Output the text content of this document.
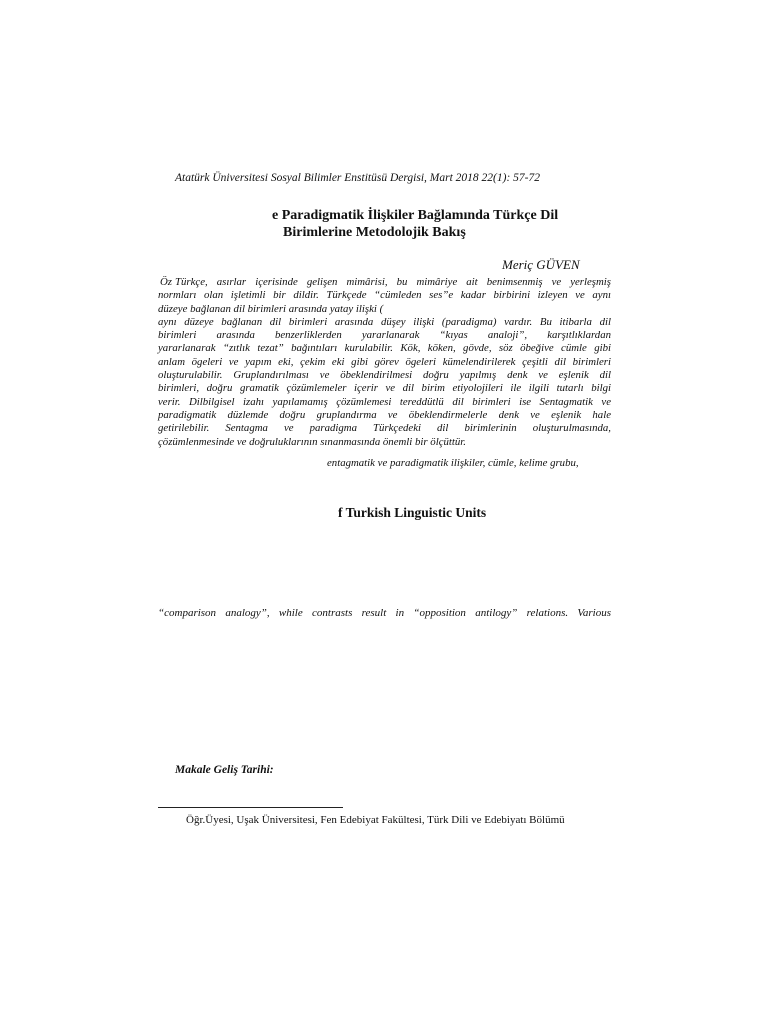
Atatürk Üniversitesi Sosyal Bilimler Enstitüsü Dergisi, Mart 2018 22(1): 57-72
e Paradigmatik İlişkiler Bağlamında Türkçe Dil
Birimlerine Metodolojik Bakış
Meriç GÜVEN
Öz Türkçe, asırlar içerisinde gelişen mimârisi, bu mimâriye ait benimsenmiş ve yerleşmiş
normları olan işletimli bir dildir. Türkçede “cümleden ses”e kadar birbirini izleyen ve aynı
düzeye bağlanan dil birimleri arasında yatay ilişki (
aynı düzeye bağlanan dil birimleri arasında düşey ilişki (paradigma) vardır. Bu itibarla dil
birimleri arasında benzerliklerden yararlanarak “kıyas analoji”, karşıtlıklardan
yararlanarak “zıtlık tezat” bağıntıları kurulabilir. Kök, köken, gövde, söz öbeğive cümle gibi
anlam ögeleri ve yapım eki, çekim eki gibi görev ögeleri kümelendirilerek çeşitli dil birimleri
oluşturulabilir. Gruplandırılması ve öbeklendirilmesi doğru yapılmış denk ve eşlenik dil
birimleri, doğru gramatik çözümlemeler içerir ve dil birim etiyolojileri ile ilgili tutarlı bilgi
verir. Dilbilgisel izahı yapılamamış çözümlemesi tereddütlü dil birimleri ise Sentagmatik ve
paradigmatik düzlemde doğru gruplandırma ve öbeklendirmelerle denk ve eşlenik hale
getirilebilir. Sentagma ve paradigma Türkçedeki dil birimlerinin oluşturulmasında,
çözümlenmesinde ve doğruluklarının sınanmasında önemli bir ölçüttür.
entagmatik ve paradigmatik ilişkiler, cümle, kelime grubu,
f Turkish Linguistic Units
“comparison analogy”, while contrasts result in “opposition antilogy” relations. Various
Makale Geliş Tarihi:
Öğr.Üyesi, Uşak Üniversitesi, Fen Edebiyat Fakültesi, Türk Dili ve Edebiyatı Bölümü
